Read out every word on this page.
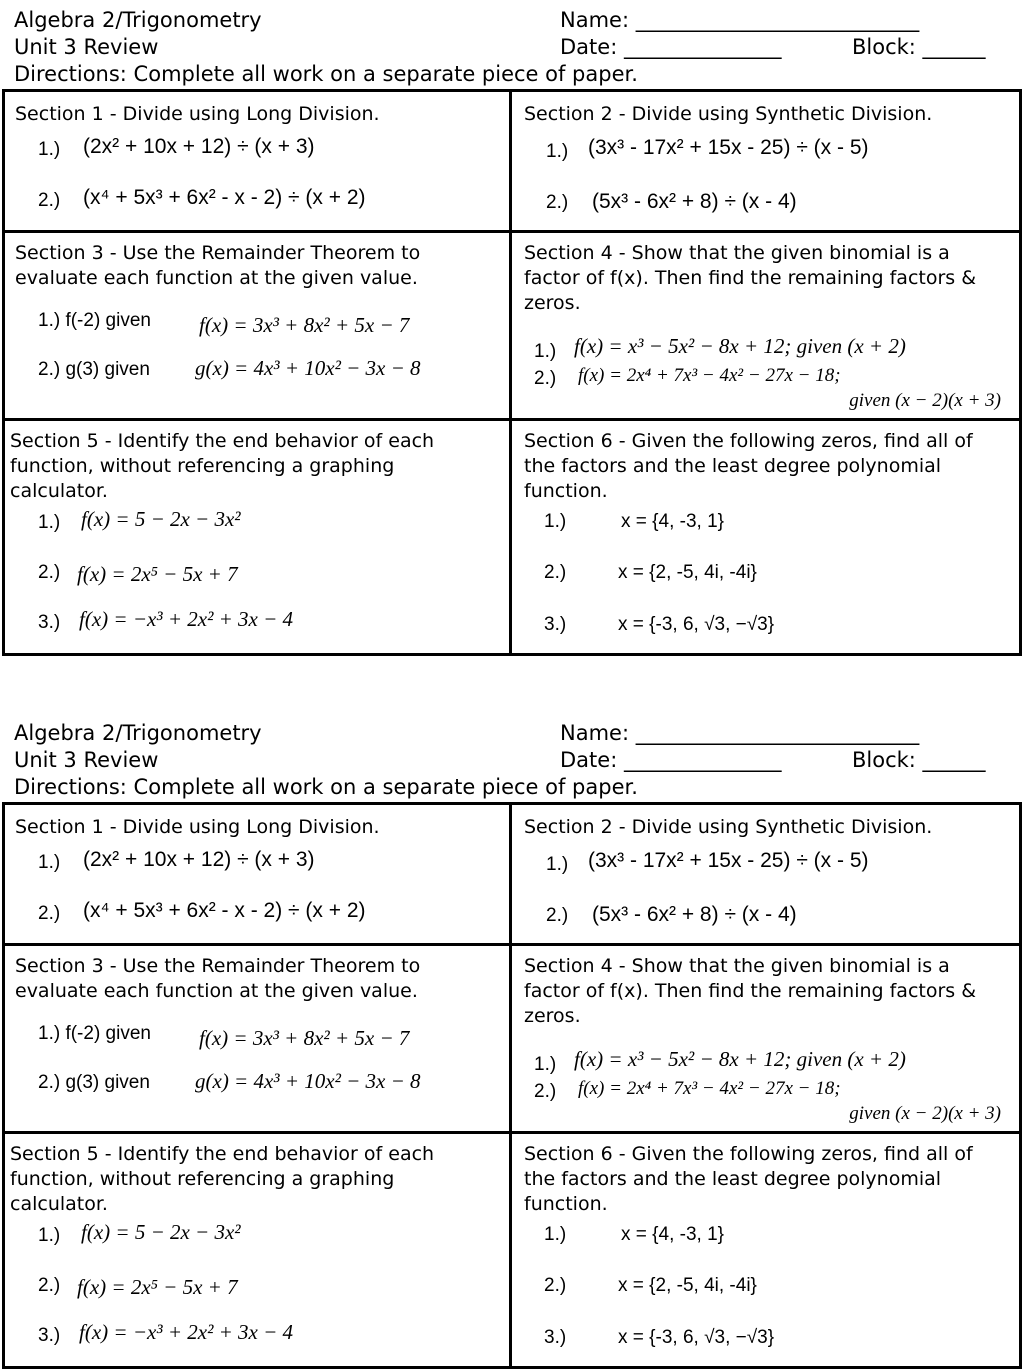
Algebra 2/Trigonometry
Unit 3 Review
Directions: Complete all work on a separate piece of paper.
Name: ___________________________
Date: _______________	Block: ______
Section 1 - Divide using Long Division.
1.) (2x² + 10x + 12) ÷ (x + 3)
2.) (x⁴ + 5x³ + 6x² - x - 2) ÷ (x + 2)
Section 2 - Divide using Synthetic Division.
1.) (3x³ - 17x² + 15x - 25) ÷ (x - 5)
2.) (5x³ - 6x² + 8) ÷ (x - 4)
Section 3 - Use the Remainder Theorem to evaluate each function at the given value.
1.) f(-2) given f(x) = 3x³ + 8x² + 5x − 7
2.) g(3) given g(x) = 4x³ + 10x² − 3x − 8
Section 4 - Show that the given binomial is a factor of f(x). Then find the remaining factors & zeros.
1.) f(x) = x³ − 5x² − 8x + 12; given (x + 2)
2.) f(x) = 2x⁴ + 7x³ − 4x² − 27x − 18;
given (x − 2)(x + 3)
Section 5 - Identify the end behavior of each function, without referencing a graphing calculator.
1.) f(x) = 5 − 2x − 3x²
2.) f(x) = 2x⁵ − 5x + 7
3.) f(x) = −x³ + 2x² + 3x − 4
Section 6 - Given the following zeros, find all of the factors and the least degree polynomial function.
1.)	x = {4, -3, 1}
2.)	x = {2, -5, 4i, -4i}
3.)	x = {-3, 6, √3, −√3}
Algebra 2/Trigonometry
Unit 3 Review
Directions: Complete all work on a separate piece of paper.
Name: ___________________________
Date: _______________	Block: ______
Section 1 - Divide using Long Division.
1.) (2x² + 10x + 12) ÷ (x + 3)
2.) (x⁴ + 5x³ + 6x² - x - 2) ÷ (x + 2)
Section 2 - Divide using Synthetic Division.
1.) (3x³ - 17x² + 15x - 25) ÷ (x - 5)
2.) (5x³ - 6x² + 8) ÷ (x - 4)
Section 3 - Use the Remainder Theorem to evaluate each function at the given value.
1.) f(-2) given f(x) = 3x³ + 8x² + 5x − 7
2.) g(3) given g(x) = 4x³ + 10x² − 3x − 8
Section 4 - Show that the given binomial is a factor of f(x). Then find the remaining factors & zeros.
1.) f(x) = x³ − 5x² − 8x + 12; given (x + 2)
2.) f(x) = 2x⁴ + 7x³ − 4x² − 27x − 18;
given (x − 2)(x + 3)
Section 5 - Identify the end behavior of each function, without referencing a graphing calculator.
1.) f(x) = 5 − 2x − 3x²
2.) f(x) = 2x⁵ − 5x + 7
3.) f(x) = −x³ + 2x² + 3x − 4
Section 6 - Given the following zeros, find all of the factors and the least degree polynomial function.
1.)	x = {4, -3, 1}
2.)	x = {2, -5, 4i, -4i}
3.)	x = {-3, 6, √3, −√3}
